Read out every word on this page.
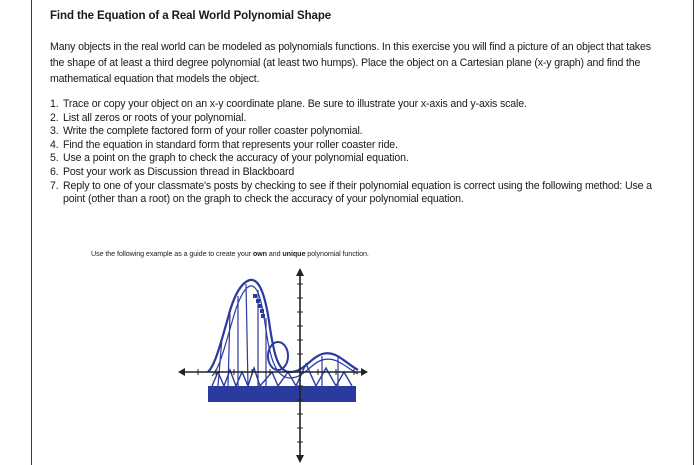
Find the Equation of a Real World Polynomial Shape

Many objects in the real world can be modeled as polynomials functions. In this exercise you will find a picture of an object that takes the shape of at least a third degree polynomial (at least two humps). Place the object on a Cartesian plane (x-y graph) and find the mathematical equation that models the object.

1. Trace or copy your object on an x-y coordinate plane. Be sure to illustrate your x-axis and y-axis scale.
2. List all zeros or roots of your polynomial.
3. Write the complete factored form of your roller coaster polynomial.
4. Find the equation in standard form that represents your roller coaster ride.
5. Use a point on the graph to check the accuracy of your polynomial equation.
6. Post your work as Discussion thread in Blackboard
7. Reply to one of your classmate's posts by checking to see if their polynomial equation is correct using the following method: Use a point (other than a root) on the graph to check the accuracy of your polynomial equation.
Use the following example as a guide to create your own and unique polynomial function.
